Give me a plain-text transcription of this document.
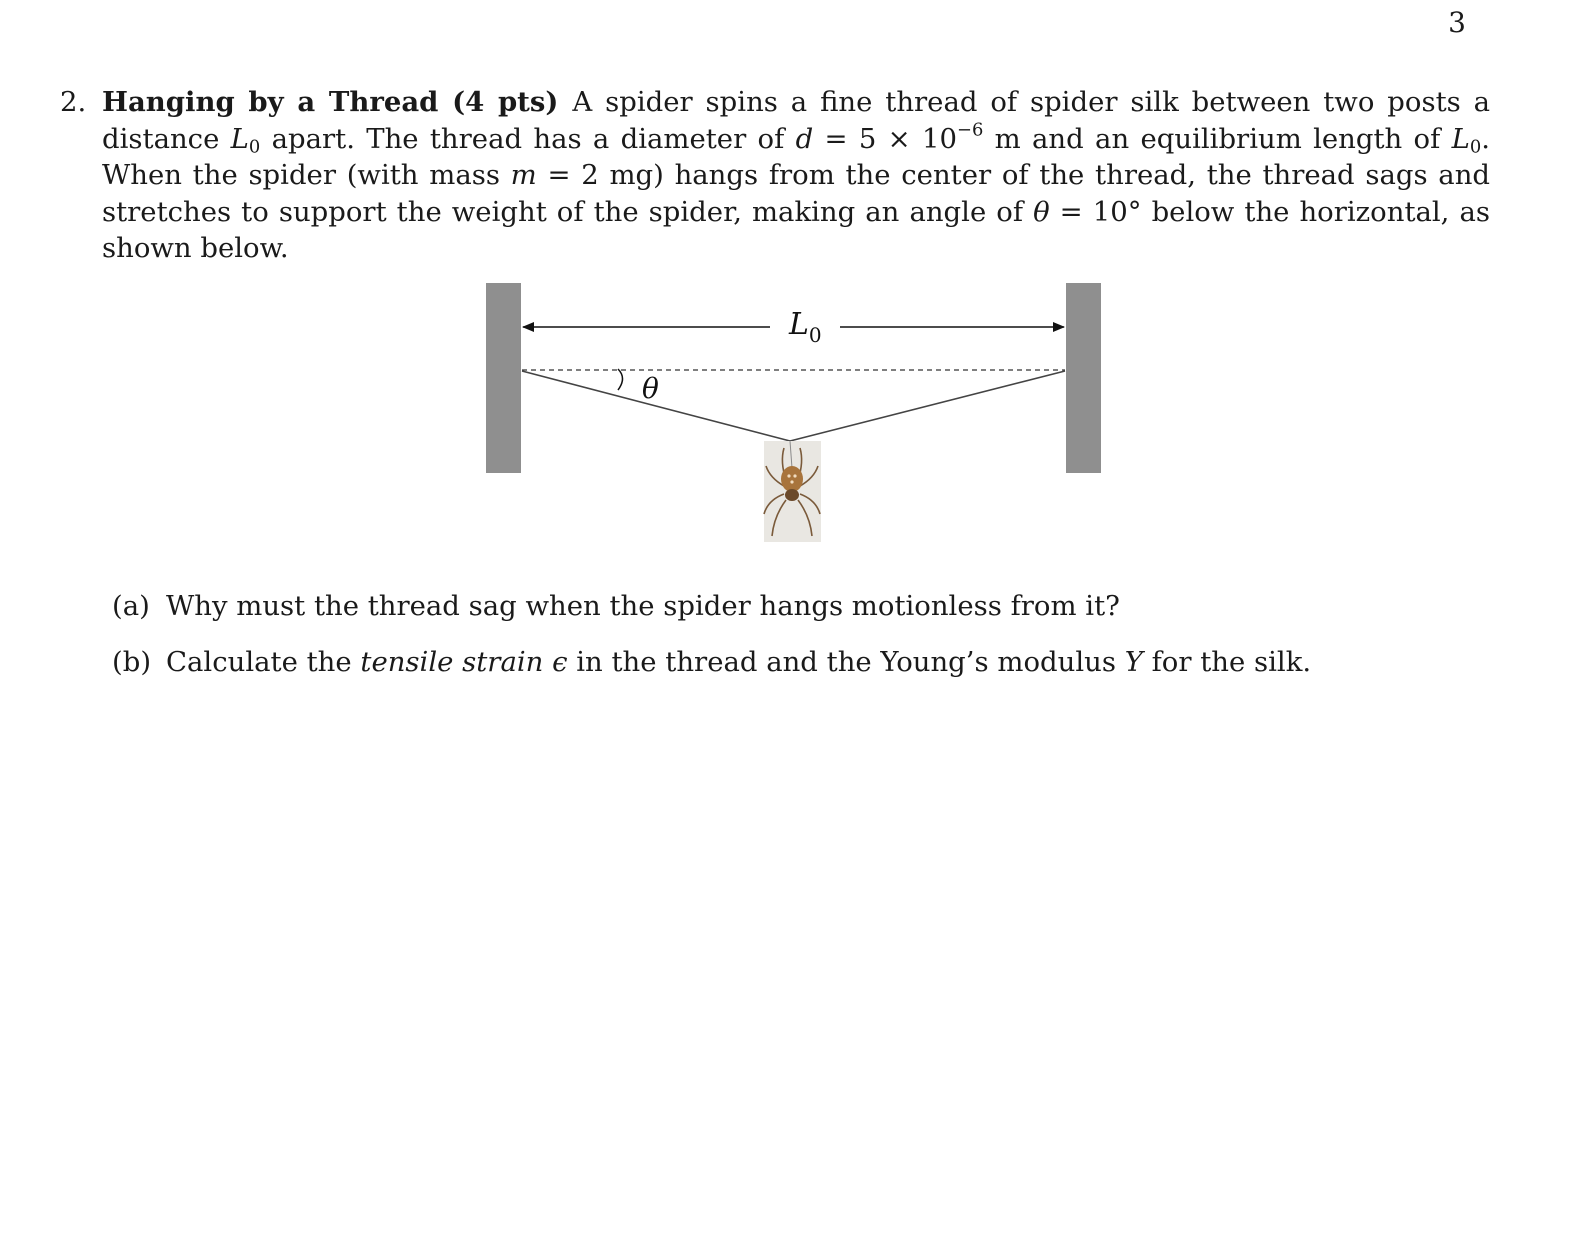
3
2. Hanging by a Thread (4 pts) A spider spins a fine thread of spider silk between two posts a distance $L_0$ apart. The thread has a diameter of $d = 5 \times 10^{-6}$ m and an equilibrium length of $L_0$. When the spider (with mass m = 2 mg) hangs from the center of the thread, the thread sags and stretches to support the weight of the spider, making an angle of θ = 10° below the horizontal, as shown below.
$L_0$
θ
(a) Why must the thread sag when the spider hangs motionless from it?
(b) Calculate the tensile strain ϵ in the thread and the Young’s modulus Y for the silk.
